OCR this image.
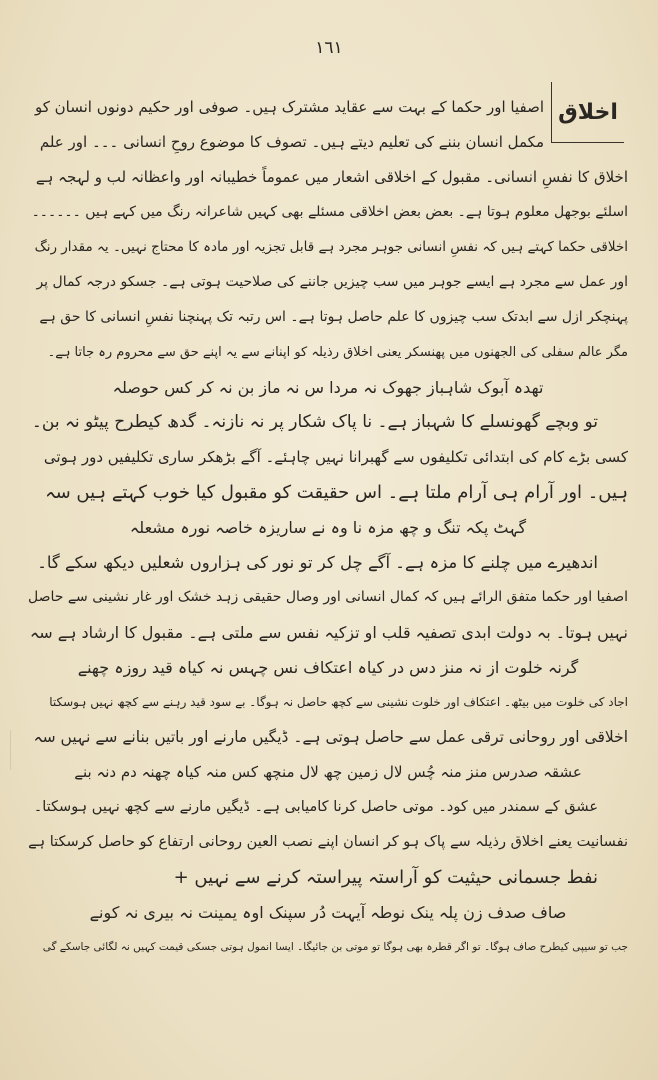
١٦١
اخلاق
اصفیا اور حکما کے بہت سے عقاید مشترک ہیں۔ صوفی اور حکیم دونوں انسان کو
مکمل انسان بننے کی تعلیم دیتے ہیں۔ تصوف کا موضوع روحِ انسانی ۔۔۔ اور علم
اخلاق کا نفسِ انسانی۔ مقبول کے اخلاقی اشعار میں عموماً خطیبانہ اور واعظانہ لب و لہجہ ہے
اسلئے بوجھل معلوم ہوتا ہے۔ بعض بعض اخلاقی مسئلے بھی کہیں شاعرانہ رنگ میں کہے ہیں ۔۔۔۔۔۔
اخلاقی حکما کہتے ہیں کہ نفسِ انسانی جوہر مجرد ہے قابل تجزیہ اور مادہ کا محتاج نہیں۔ یہ مقدار رنگ
اور عمل سے مجرد ہے ایسے جوہر میں سب چیزیں جاننے کی صلاحیت ہوتی ہے۔ جسکو درجہ کمال پر
پہنچکر ازل سے ابدتک سب چیزوں کا علم حاصل ہوتا ہے۔ اس رتبہ تک پہنچنا نفسِ انسانی کا حق ہے
مگر عالم سفلی کی الجھنوں میں پھنسکر یعنی اخلاق رذیلہ کو اپنانے سے یہ اپنے حق سے محروم رہ جاتا ہے۔
تھدہ آبوک شاہباز جھوک نہ مردا س نہ ماز بن نہ کر کس حوصلہ
تو وبچے گھونسلے کا شہباز ہے۔ نا پاک شکار پر نہ نازنہ۔ گدھ کیطرح پیٹو نہ بن۔
کسی بڑے کام کی ابتدائی تکلیفوں سے گھبرانا نہیں چاہئے۔ آگے بڑھکر ساری تکلیفیں دور ہوتی
ہیں۔ اور آرام ہی آرام ملتا ہے۔ اس حقیقت کو مقبول کیا خوب کہتے ہیں سہ
گہٹ پکہ تنگ و چھ مزہ نا وہ نے ساریزہ خاصہ نورہ مشعلہ
اندھیرے میں چلنے کا مزہ ہے۔ آگے چل کر تو نور کی ہزاروں شعلیں دیکھ سکے گا۔
اصفیا اور حکما متفق الرائے ہیں کہ کمال انسانی اور وصال حقیقی زہد خشک اور غار نشینی سے حاصل
نہیں ہوتا۔ بہ دولت ابدی تصفیہ قلب او تزکیہ نفس سے ملتی ہے۔ مقبول کا ارشاد ہے سہ
گرنہ خلوت از نہ منز دس در کیاہ اعتکاف نس چہس نہ کیاہ قید روزہ چھنے
اجاد کی خلوت میں بیٹھ۔ اعتکاف اور خلوت نشینی سے کچھ حاصل نہ ہوگا۔ بے سود قید رہنے سے کچھ نہیں ہوسکتا
اخلاقی اور روحانی ترقی عمل سے حاصل ہوتی ہے۔ ڈیگیں مارنے اور باتیں بنانے سے نہیں سہ
عشقہ صدرس منز منہ چُس لال زمین چھ لال منچھ کس منہ کیاہ چھنہ دم دنہ بنے
عشق کے سمندر میں کود۔ موتی حاصل کرنا کامیابی ہے۔ ڈیگیں مارنے سے کچھ نہیں ہوسکتا۔
نفسانیت یعنے اخلاق رذیلہ سے پاک ہو کر انسان اپنے نصب العین روحانی ارتفاع کو حاصل کرسکتا ہے
نفط جسمانی حیثیت کو آراستہ پیراستہ کرنے سے نہیں +
صاف صدف زن پلہ ینک نوطہ آیہت دُر سپنک اوہ یمینت نہ بیری نہ کونے
جب تو سیپی کیطرح صاف ہوگا۔ تو اگر قطرہ بھی ہوگا تو موتی بن جائیگا۔ ایسا انمول ہوتی جسکی قیمت کہیں نہ لگائی جاسکے گی
